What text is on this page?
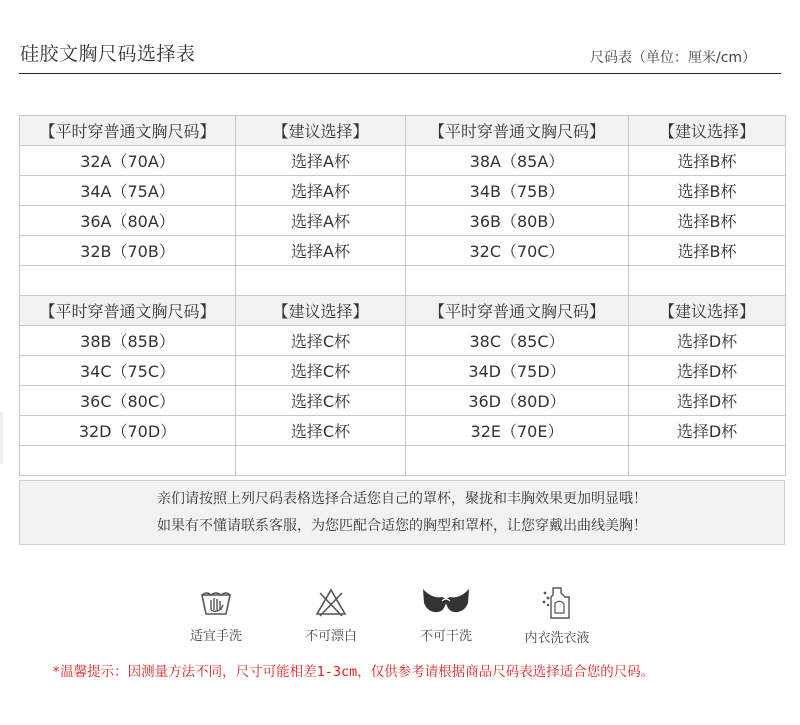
硅胶文胸尺码选择表	尺码表（单位：厘米/cm）
【平时穿普通文胸尺码】	【建议选择】	【平时穿普通文胸尺码】	【建议选择】
32A（70A）	选择A杯	38A（85A）	选择B杯
34A（75A）	选择A杯	34B（75B）	选择B杯
36A（80A）	选择A杯	36B（80B）	选择B杯
32B（70B）	选择A杯	32C（70C）	选择B杯

【平时穿普通文胸尺码】	【建议选择】	【平时穿普通文胸尺码】	【建议选择】
38B（85B）	选择C杯	38C（85C）	选择D杯
34C（75C）	选择C杯	34D（75D）	选择D杯
36C（80C）	选择C杯	36D（80D）	选择D杯
32D（70D）	选择C杯	32E（70E）	选择D杯

亲们请按照上列尺码表格选择合适您自己的罩杯，聚拢和丰胸效果更加明显哦！
如果有不懂请联系客服，为您匹配合适您的胸型和罩杯，让您穿戴出曲线美胸！
适宜手洗	不可漂白	不可干洗	内衣洗衣液
*温馨提示：因测量方法不同，尺寸可能相差1-3cm，仅供参考请根据商品尺码表选择适合您的尺码。
